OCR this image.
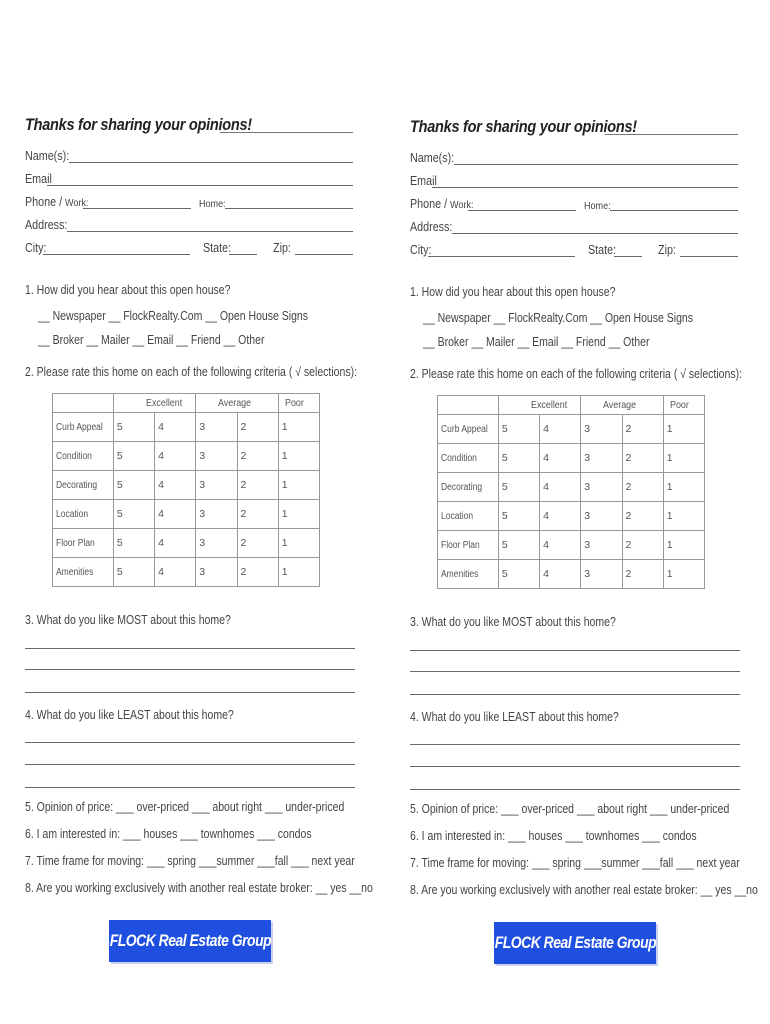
Thanks for sharing your opinions!
Name(s):
Email
Phone / Work:	Home:
Address:
City:	State:	Zip:
1. How did you hear about this open house?
__ Newspaper __ FlockRealty.Com __ Open House Signs
__ Broker __ Mailer __ Email __ Friend __ Other
2. Please rate this home on each of the following criteria ( √ selections):
	Excellent		Average		Poor
Curb Appeal	5	4	3	2	1
Condition	5	4	3	2	1
Decorating	5	4	3	2	1
Location	5	4	3	2	1
Floor Plan	5	4	3	2	1
Amenities	5	4	3	2	1
3. What do you like MOST about this home?
4. What do you like LEAST about this home?
5. Opinion of price: ___ over-priced ___ about right ___ under-priced
6. I am interested in: ___ houses ___ townhomes ___ condos
7. Time frame for moving: ___ spring ___summer ___fall ___ next year
8. Are you working exclusively with another real estate broker: __ yes __no
FLOCK Real Estate Group
Thanks for sharing your opinions!
Name(s):
Email
Phone / Work:	Home:
Address:
City:	State:	Zip:
1. How did you hear about this open house?
__ Newspaper __ FlockRealty.Com __ Open House Signs
__ Broker __ Mailer __ Email __ Friend __ Other
2. Please rate this home on each of the following criteria ( √ selections):
	Excellent		Average		Poor
Curb Appeal	5	4	3	2	1
Condition	5	4	3	2	1
Decorating	5	4	3	2	1
Location	5	4	3	2	1
Floor Plan	5	4	3	2	1
Amenities	5	4	3	2	1
3. What do you like MOST about this home?
4. What do you like LEAST about this home?
5. Opinion of price: ___ over-priced ___ about right ___ under-priced
6. I am interested in: ___ houses ___ townhomes ___ condos
7. Time frame for moving: ___ spring ___summer ___fall ___ next year
8. Are you working exclusively with another real estate broker: __ yes __no
FLOCK Real Estate Group
